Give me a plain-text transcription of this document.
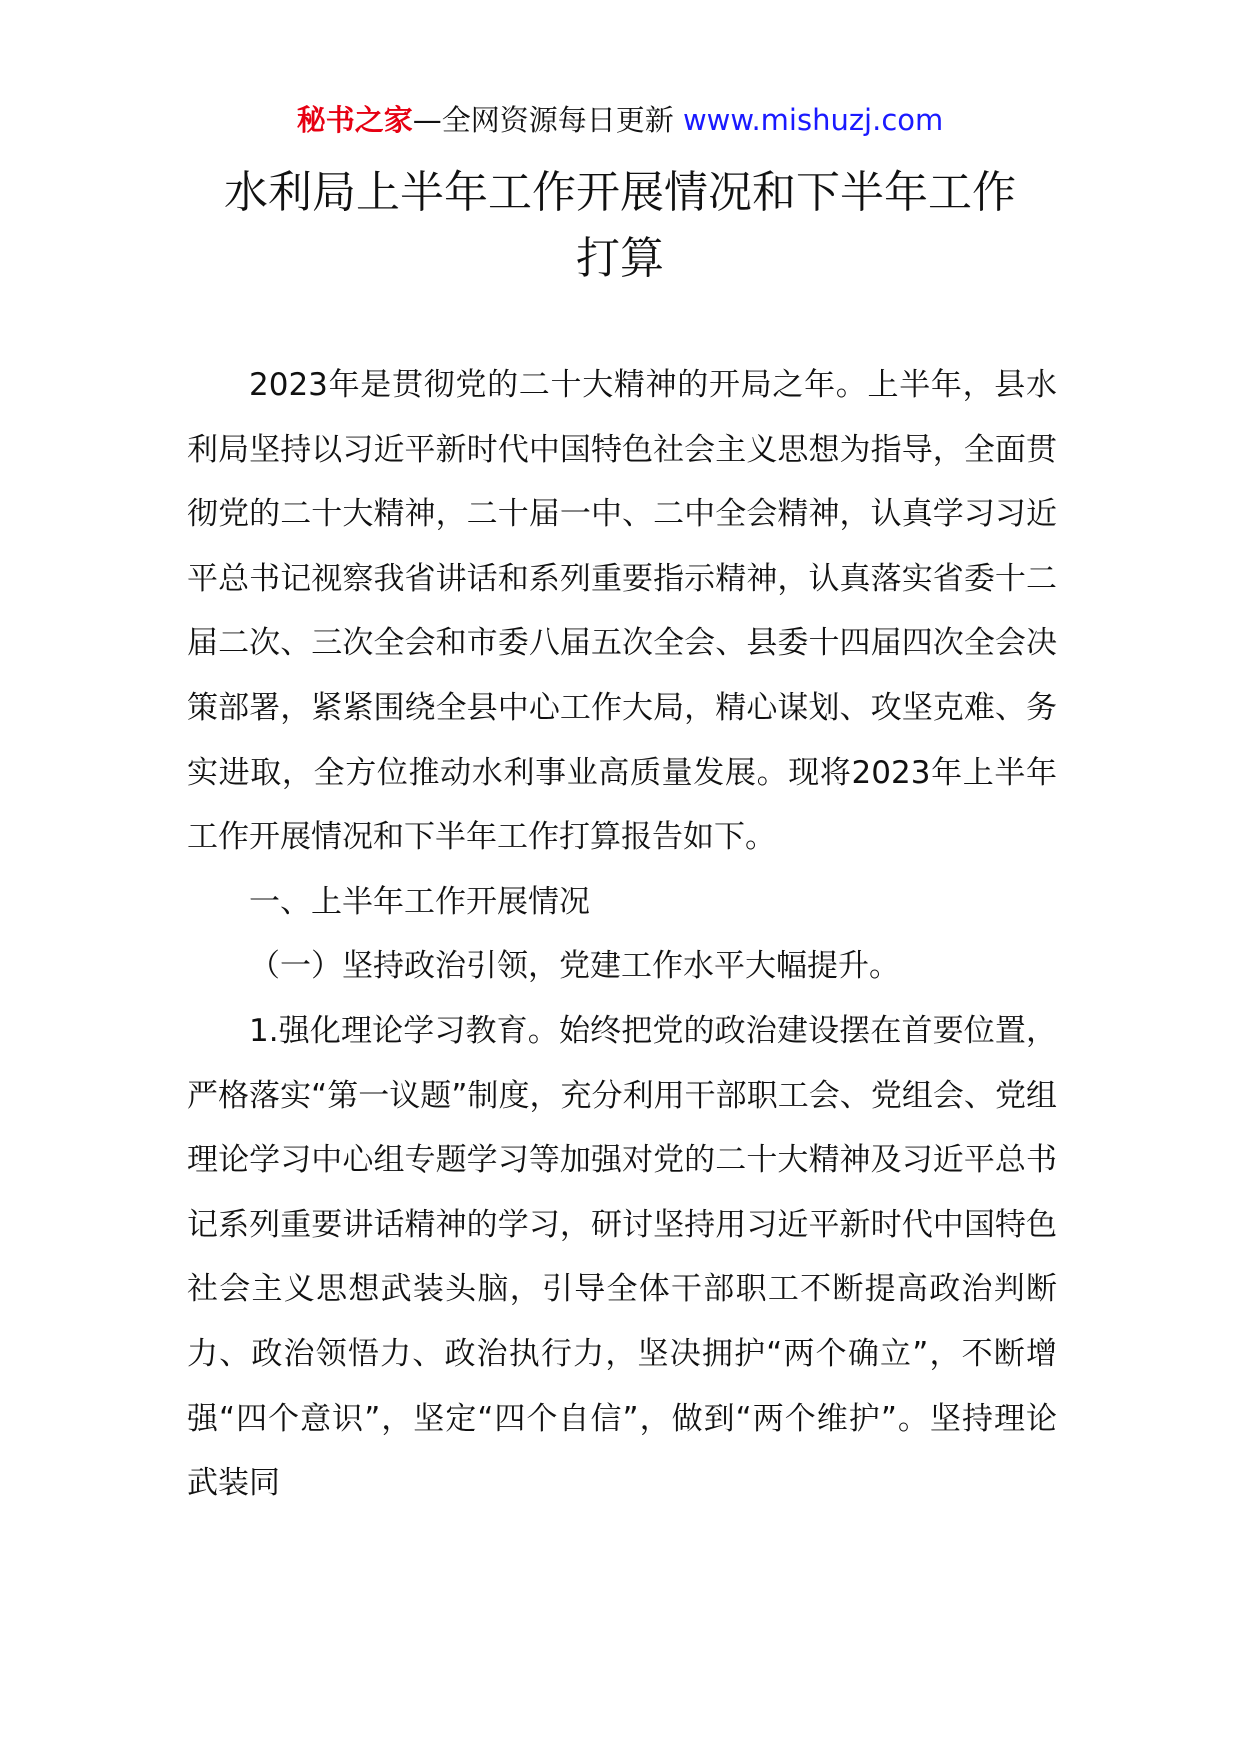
秘书之家—全网资源每日更新 www.mishuzj.com
水利局上半年工作开展情况和下半年工作
打算

2023年是贯彻党的二十大精神的开局之年。上半年，县水利局坚持以习近平新时代中国特色社会主义思想为指导，全面贯彻党的二十大精神，二十届一中、二中全会精神，认真学习习近平总书记视察我省讲话和系列重要指示精神，认真落实省委十二届二次、三次全会和市委八届五次全会、县委十四届四次全会决策部署，紧紧围绕全县中心工作大局，精心谋划、攻坚克难、务实进取，全方位推动水利事业高质量发展。现将2023年上半年工作开展情况和下半年工作打算报告如下。

一、上半年工作开展情况

（一）坚持政治引领，党建工作水平大幅提升。

1.强化理论学习教育。始终把党的政治建设摆在首要位置，严格落实“第一议题”制度，充分利用干部职工会、党组会、党组理论学习中心组专题学习等加强对党的二十大精神及习近平总书记系列重要讲话精神的学习，研讨坚持用习近平新时代中国特色社会主义思想武装头脑，引导全体干部职工不断提高政治判断力、政治领悟力、政治执行力，坚决拥护“两个确立”，不断增强“四个意识”，坚定“四个自信”，做到“两个维护”。坚持理论武装同
